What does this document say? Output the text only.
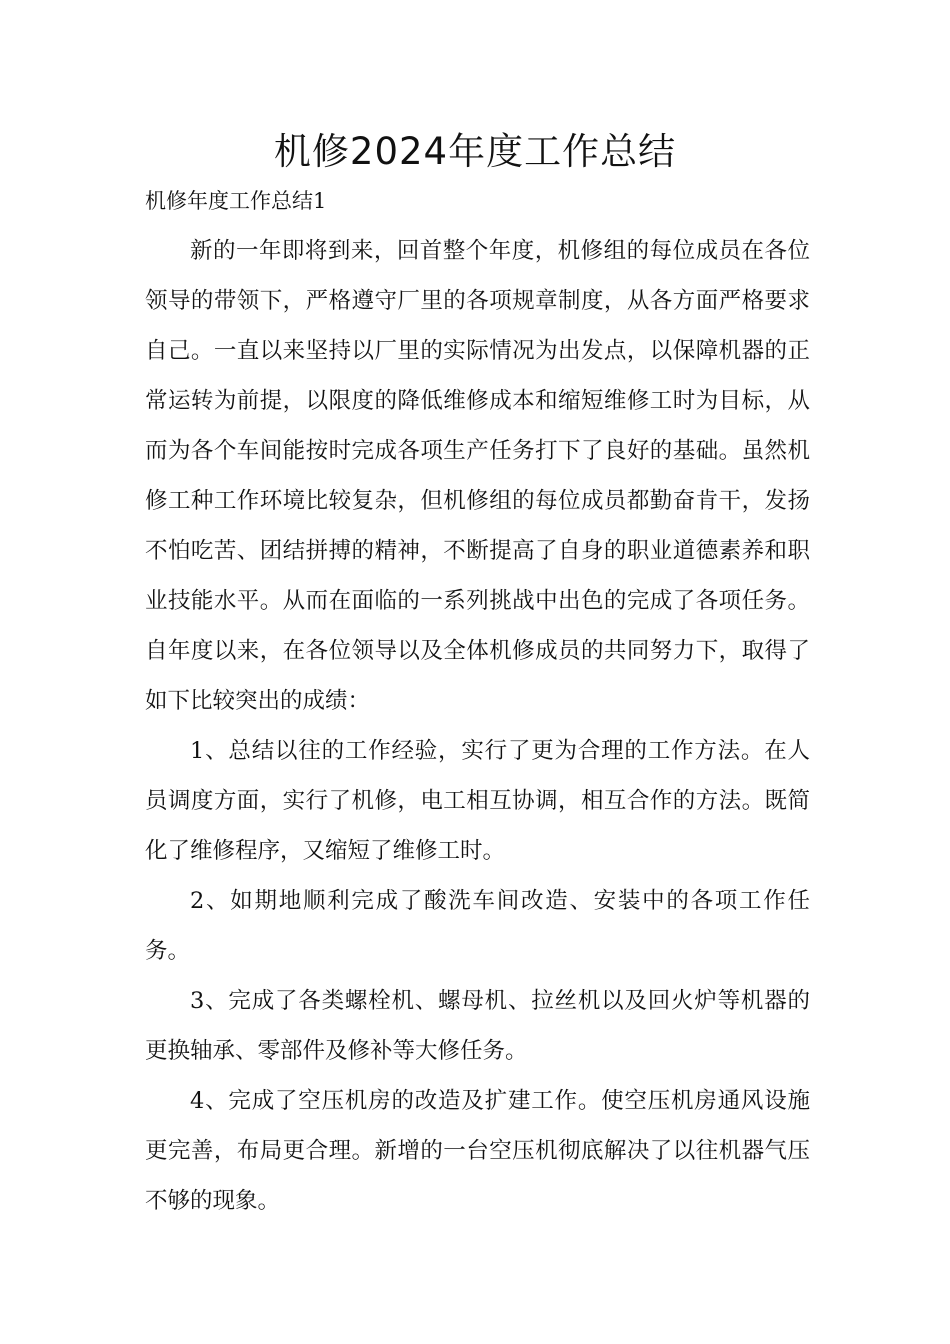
机修2024年度工作总结
机修年度工作总结1

新的一年即将到来，回首整个年度，机修组的每位成员在各位领导的带领下，严格遵守厂里的各项规章制度，从各方面严格要求自己。一直以来坚持以厂里的实际情况为出发点，以保障机器的正常运转为前提，以限度的降低维修成本和缩短维修工时为目标，从而为各个车间能按时完成各项生产任务打下了良好的基础。虽然机修工种工作环境比较复杂，但机修组的每位成员都勤奋肯干，发扬不怕吃苦、团结拼搏的精神，不断提高了自身的职业道德素养和职业技能水平。从而在面临的一系列挑战中出色的完成了各项任务。自年度以来，在各位领导以及全体机修成员的共同努力下，取得了如下比较突出的成绩：

1、总结以往的工作经验，实行了更为合理的工作方法。在人员调度方面，实行了机修，电工相互协调，相互合作的方法。既简化了维修程序，又缩短了维修工时。

2、如期地顺利完成了酸洗车间改造、安装中的各项工作任务。

3、完成了各类螺栓机、螺母机、拉丝机以及回火炉等机器的更换轴承、零部件及修补等大修任务。

4、完成了空压机房的改造及扩建工作。使空压机房通风设施更完善，布局更合理。新增的一台空压机彻底解决了以往机器气压不够的现象。
